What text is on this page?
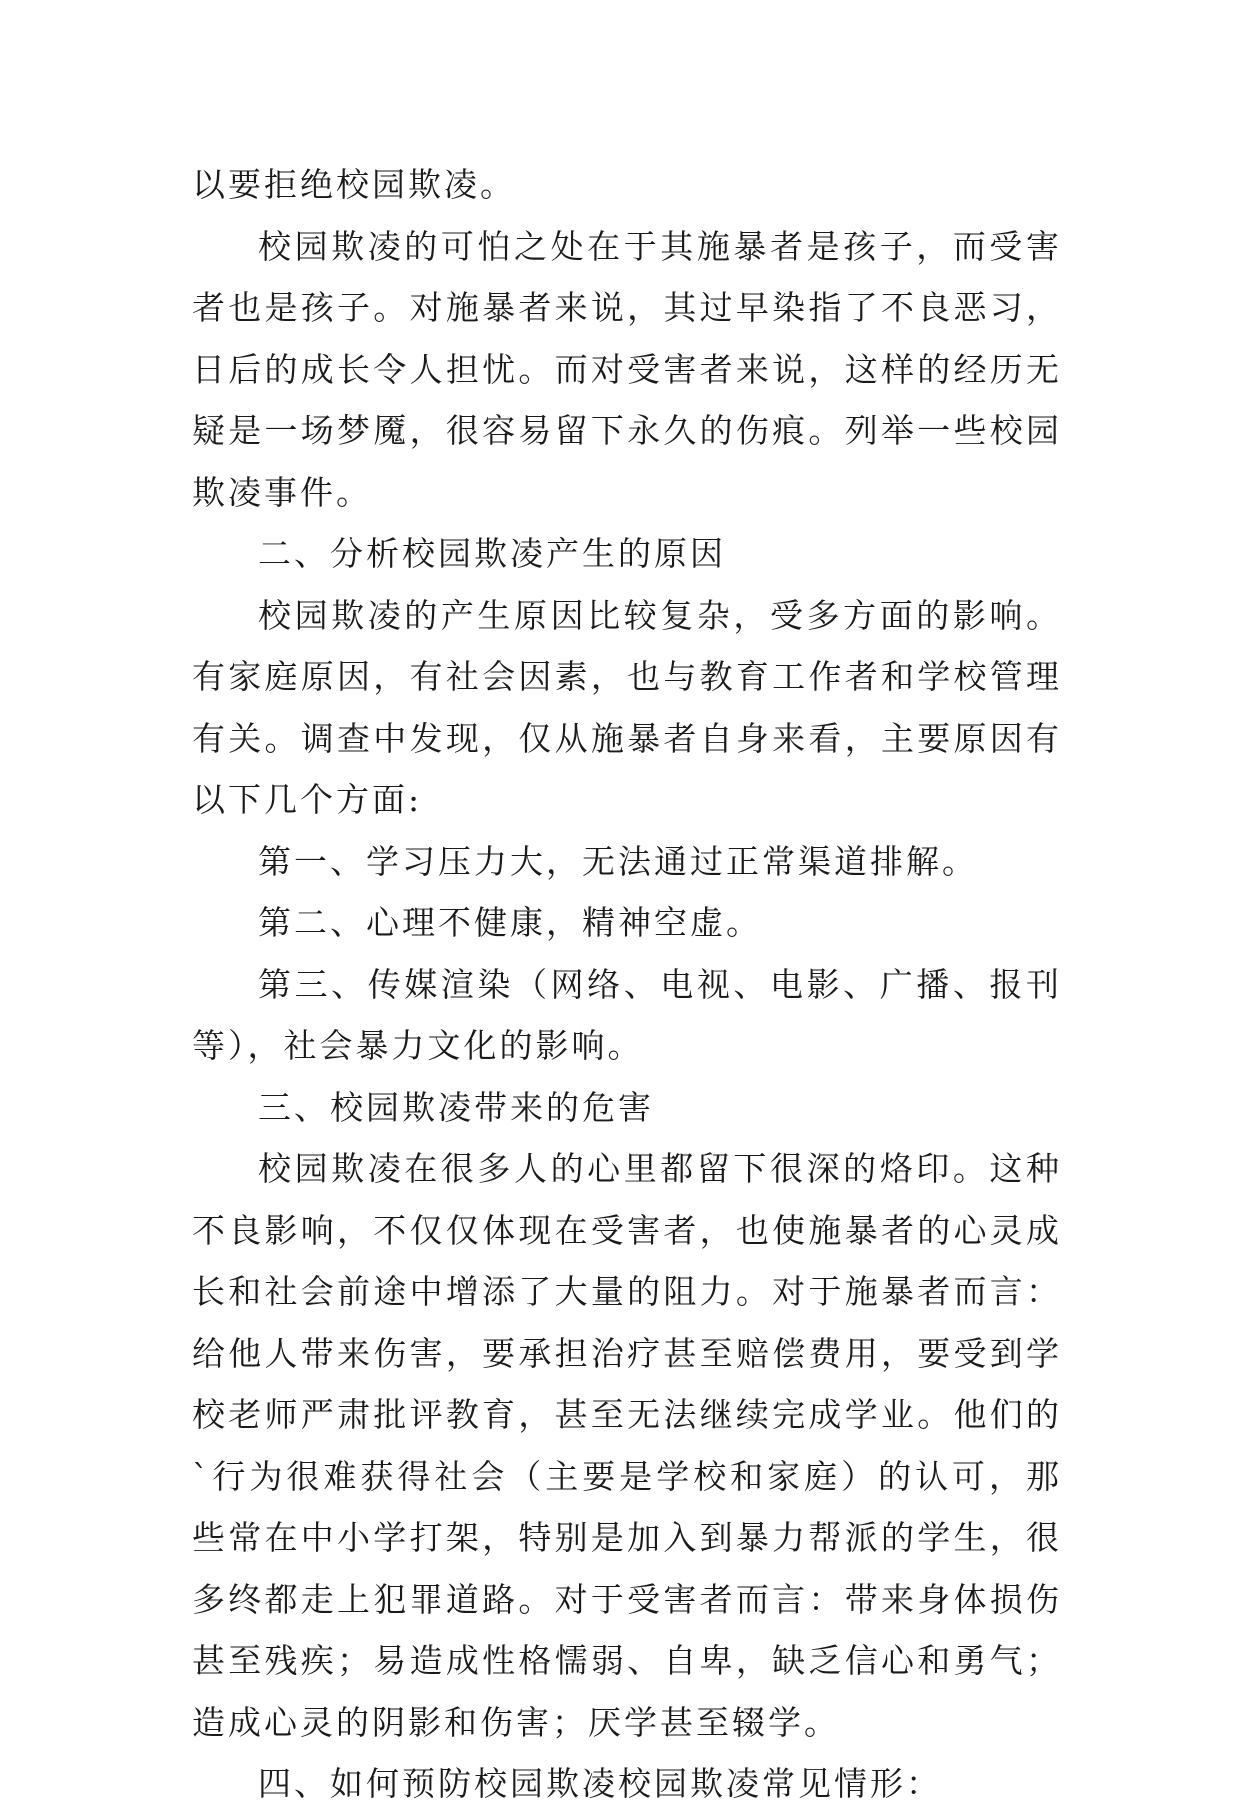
以要拒绝校园欺凌。

校园欺凌的可怕之处在于其施暴者是孩子，而受害者也是孩子。对施暴者来说，其过早染指了不良恶习，日后的成长令人担忧。而对受害者来说，这样的经历无疑是一场梦魇，很容易留下永久的伤痕。列举一些校园欺凌事件。

二、分析校园欺凌产生的原因

校园欺凌的产生原因比较复杂，受多方面的影响。有家庭原因，有社会因素，也与教育工作者和学校管理有关。调查中发现，仅从施暴者自身来看，主要原因有以下几个方面:

第一、学习压力大，无法通过正常渠道排解。

第二、心理不健康，精神空虚。

第三、传媒渲染（网络、电视、电影、广播、报刊等），社会暴力文化的影响。

三、校园欺凌带来的危害

校园欺凌在很多人的心里都留下很深的烙印。这种不良影响，不仅仅体现在受害者，也使施暴者的心灵成长和社会前途中增添了大量的阻力。对于施暴者而言：给他人带来伤害，要承担治疗甚至赔偿费用，要受到学校老师严肃批评教育，甚至无法继续完成学业。他们的`行为很难获得社会（主要是学校和家庭）的认可，那些常在中小学打架，特别是加入到暴力帮派的学生，很多终都走上犯罪道路。对于受害者而言：带来身体损伤甚至残疾；易造成性格懦弱、自卑，缺乏信心和勇气；造成心灵的阴影和伤害；厌学甚至辍学。

四、如何预防校园欺凌校园欺凌常见情形：
